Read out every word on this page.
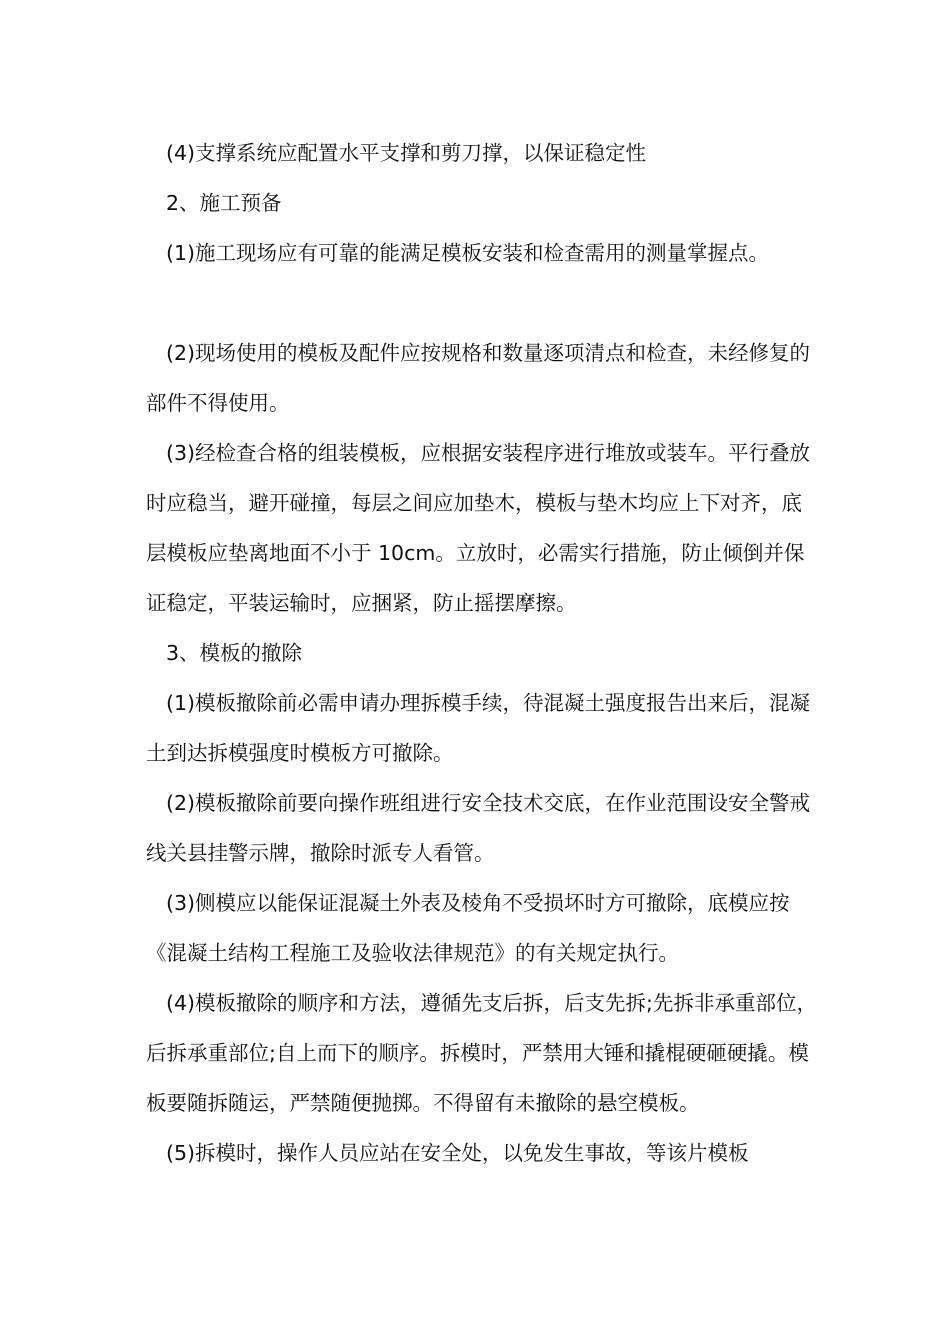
(4)支撑系统应配置水平支撑和剪刀撑，以保证稳定性

2、施工预备

(1)施工现场应有可靠的能满足模板安装和检查需用的测量掌握点。

(2)现场使用的模板及配件应按规格和数量逐项清点和检查，未经修复的部件不得使用。

(3)经检查合格的组装模板，应根据安装程序进行堆放或装车。平行叠放时应稳当，避开碰撞，每层之间应加垫木，模板与垫木均应上下对齐，底层模板应垫离地面不小于 10cm。立放时，必需实行措施，防止倾倒并保证稳定，平装运输时，应捆紧，防止摇摆摩擦。

3、模板的撤除

(1)模板撤除前必需申请办理拆模手续，待混凝土强度报告出来后，混凝土到达拆模强度时模板方可撤除。

(2)模板撤除前要向操作班组进行安全技术交底，在作业范围设安全警戒线关县挂警示牌，撤除时派专人看管。

(3)侧模应以能保证混凝土外表及棱角不受损坏时方可撤除，底模应按《混凝土结构工程施工及验收法律规范》的有关规定执行。

(4)模板撤除的顺序和方法，遵循先支后拆，后支先拆;先拆非承重部位，后拆承重部位;自上而下的顺序。拆模时，严禁用大锤和撬棍硬砸硬撬。模板要随拆随运，严禁随便抛掷。不得留有未撤除的悬空模板。

(5)拆模时，操作人员应站在安全处，以免发生事故，等该片模板
